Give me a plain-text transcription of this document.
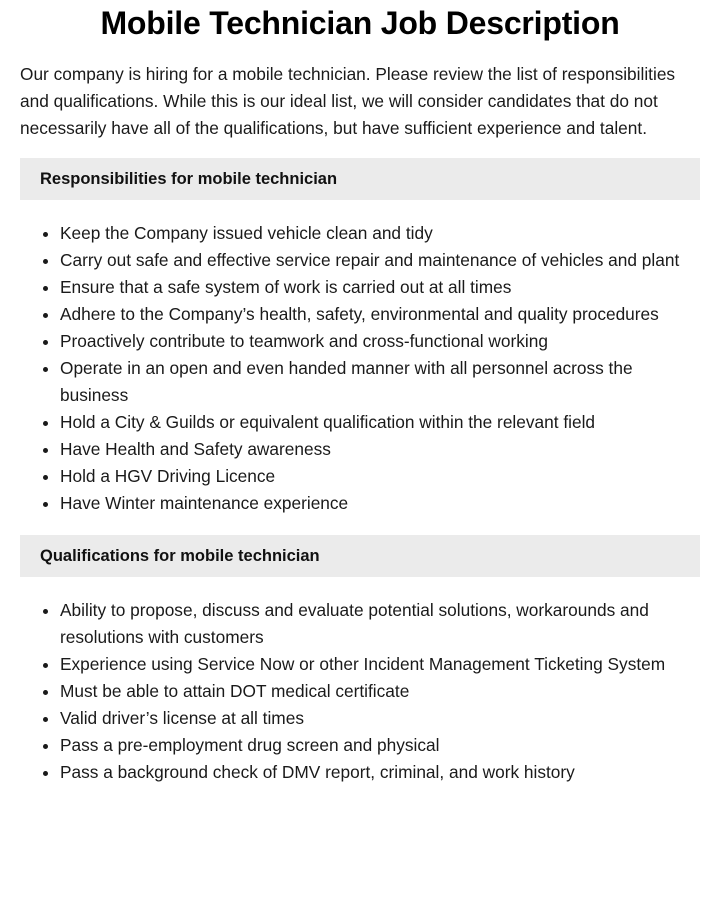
Mobile Technician Job Description

Our company is hiring for a mobile technician. Please review the list of responsibilities and qualifications. While this is our ideal list, we will consider candidates that do not necessarily have all of the qualifications, but have sufficient experience and talent.

Responsibilities for mobile technician
Keep the Company issued vehicle clean and tidy
Carry out safe and effective service repair and maintenance of vehicles and plant
Ensure that a safe system of work is carried out at all times
Adhere to the Company’s health, safety, environmental and quality procedures
Proactively contribute to teamwork and cross-functional working
Operate in an open and even handed manner with all personnel across the business
Hold a City & Guilds or equivalent qualification within the relevant field
Have Health and Safety awareness
Hold a HGV Driving Licence
Have Winter maintenance experience
Qualifications for mobile technician
Ability to propose, discuss and evaluate potential solutions, workarounds and resolutions with customers
Experience using Service Now or other Incident Management Ticketing System
Must be able to attain DOT medical certificate
Valid driver’s license at all times
Pass a pre-employment drug screen and physical
Pass a background check of DMV report, criminal, and work history
